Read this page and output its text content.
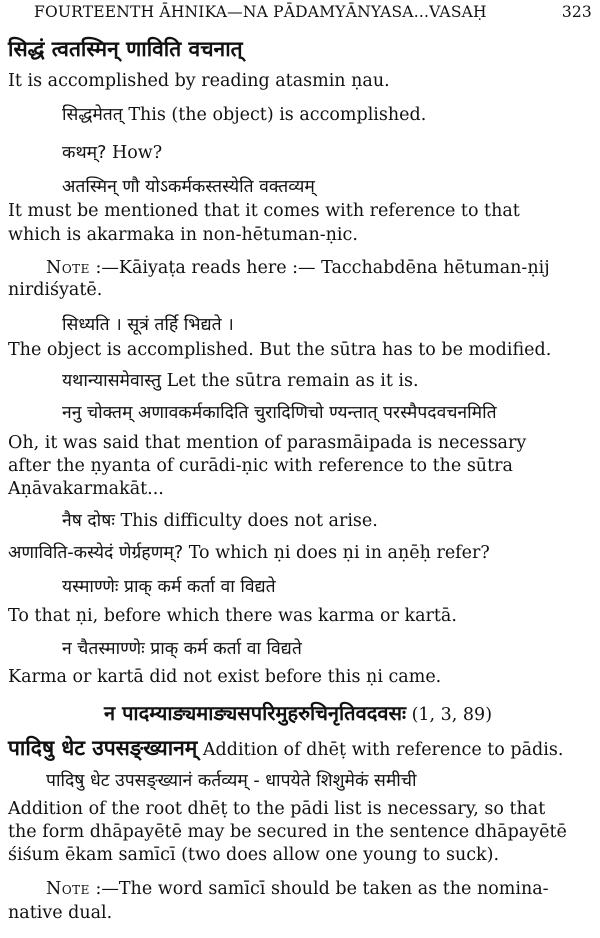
FOURTEENTH ĀHNIKA—NA PĀDAMYĀNYASA...VASAḤ	323
सिद्धं त्वतस्मिन् णाविति वचनात्
It is accomplished by reading atasmin ṇau.
सिद्धमेतत् This (the object) is accomplished.
कथम्? How?
अतस्मिन् णौ योऽकर्मकस्तस्येति वक्तव्यम्
It must be mentioned that it comes with reference to that
which is akarmaka in non-hētuman-ṇic.
Note :—Kāiyaṭa reads here :— Tacchabdēna hētuman-ṇij
nirdiśyatē.
सिध्यति । सूत्रं तर्हि भिद्यते ।
The object is accomplished. But the sūtra has to be modified.
यथान्यासमेवास्तु Let the sūtra remain as it is.
ननु चोक्तम् अणावकर्मकादिति चुरादिणिचो ण्यन्तात् परस्मैपदवचनमिति
Oh, it was said that mention of parasmāipada is necessary
after the ṇyanta of curādi-ṇic with reference to the sūtra
Aṇāvakarmakāt...
नैष दोषः This difficulty does not arise.
अणाविति-कस्येदं णेर्ग्रहणम्? To which ṇi does ṇi in aṇēḥ refer?
यस्माण्णेः प्राक् कर्म कर्ता वा विद्यते
To that ṇi, before which there was karma or kartā.
न चैतस्माण्णेः प्राक् कर्म कर्ता वा विद्यते
Karma or kartā did not exist before this ṇi came.
न पादम्याङ्यमाङ्यसपरिमुहरुचिनृतिवदवसः (1, 3, 89)
पादिषु धेट उपसङ्ख्यानम् Addition of dhēṭ with reference to pādis.
पादिषु धेट उपसङ्ख्यानं कर्तव्यम् - धापयेते शिशुमेकं समीची
Addition of the root dhēṭ to the pādi list is necessary, so that
the form dhāpayētē may be secured in the sentence dhāpayētē
śiśum ēkam samīcī (two does allow one young to suck).
Note :—The word samīcī should be taken as the nomina-
native dual.
